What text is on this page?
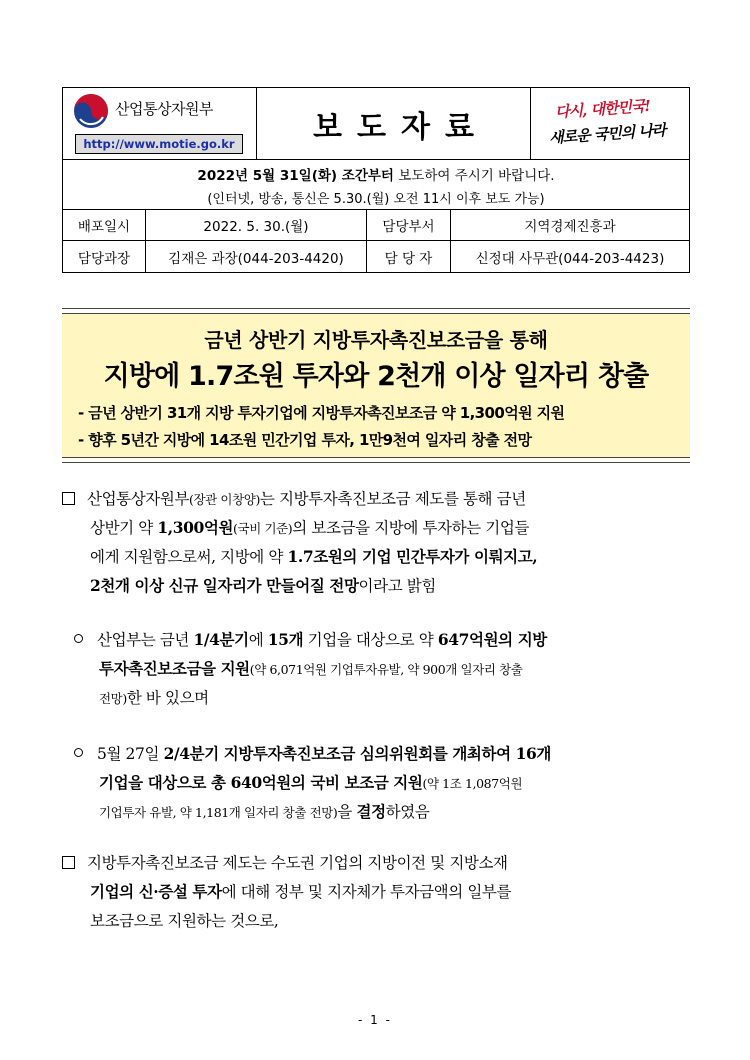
산업통상자원부
http://www.motie.go.kr	보도자료
다시, 대한민국!
새로운 국민의 나라
2022년 5월 31일(화) 조간부터 보도하여 주시기 바랍니다.
(인터넷, 방송, 통신은 5.30.(월) 오전 11시 이후 보도 가능)
배포일시	2022. 5. 30.(월)	담당부서	지역경제진흥과
담당과장	김재은 과장(044-203-4420)	담 당 자	신정대 사무관(044-203-4423)
금년 상반기 지방투자촉진보조금을 통해
지방에 1.7조원 투자와 2천개 이상 일자리 창출
- 금년 상반기 31개 지방 투자기업에 지방투자촉진보조금 약 1,300억원 지원
- 향후 5년간 지방에 14조원 민간기업 투자, 1만9천여 일자리 창출 전망
산업통상자원부(장관 이창양)는 지방투자촉진보조금 제도를 통해 금년
상반기 약 1,300억원(국비 기준)의 보조금을 지방에 투자하는 기업들
에게 지원함으로써, 지방에 약 1.7조원의 기업 민간투자가 이뤄지고,
2천개 이상 신규 일자리가 만들어질 전망이라고 밝힘
산업부는 금년 1/4분기에 15개 기업을 대상으로 약 647억원의 지방
투자촉진보조금을 지원(약 6,071억원 기업투자유발, 약 900개 일자리 창출
전망)한 바 있으며
5월 27일 2/4분기 지방투자촉진보조금 심의위원회를 개최하여 16개
기업을 대상으로 총 640억원의 국비 보조금 지원(약 1조 1,087억원
기업투자 유발, 약 1,181개 일자리 창출 전망)을 결정하였음
지방투자촉진보조금 제도는 수도권 기업의 지방이전 및 지방소재
기업의 신·증설 투자에 대해 정부 및 지자체가 투자금액의 일부를
보조금으로 지원하는 것으로,
- 1 -
